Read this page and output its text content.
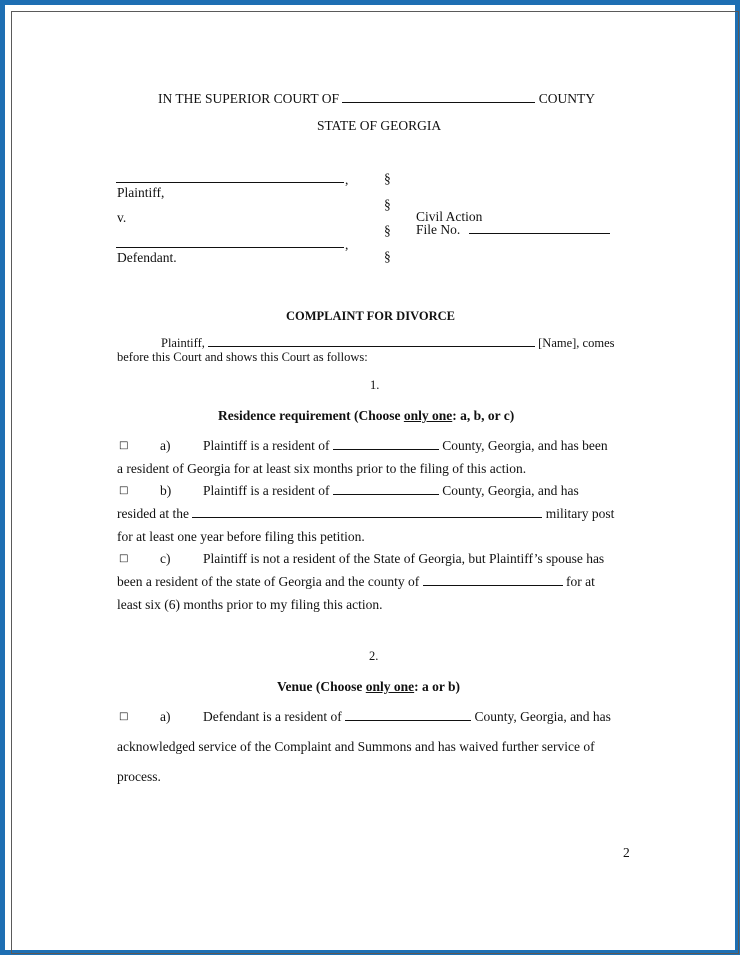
IN THE SUPERIOR COURT OF	COUNTY
STATE OF GEORGIA
,
Plaintiff,
v.
,
Defendant.
§
§
§
§
Civil Action
File No.
COMPLAINT FOR DIVORCE
Plaintiff,	[Name], comes
before this Court and shows this Court as follows:
1.
Residence requirement (Choose only one: a, b, or c)
□ a) Plaintiff is a resident of	County, Georgia, and has been
a resident of Georgia for at least six months prior to the filing of this action.
□ b) Plaintiff is a resident of	County, Georgia, and has
resided at the	military post
for at least one year before filing this petition.
□ c) Plaintiff is not a resident of the State of Georgia, but Plaintiff’s spouse has
been a resident of the state of Georgia and the county of	for at
least six (6) months prior to my filing this action.
2.
Venue (Choose only one: a or b)
□ a) Defendant is a resident of	County, Georgia, and has
acknowledged service of the Complaint and Summons and has waived further service of
process.
2
